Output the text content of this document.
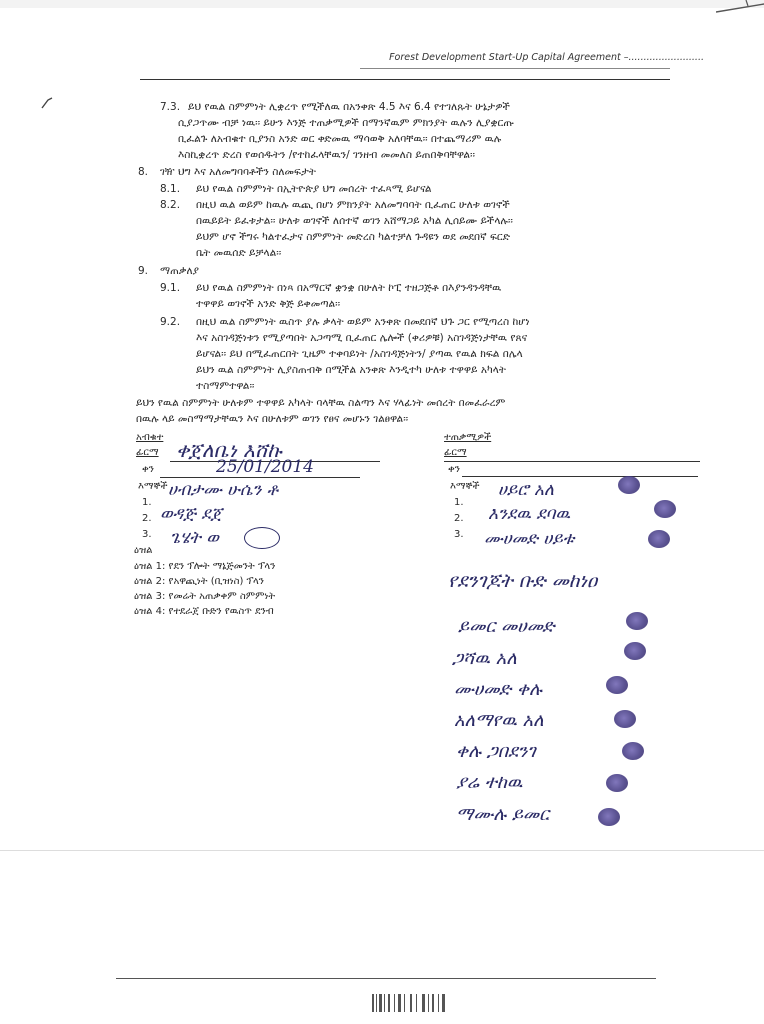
Forest Development Start-Up Capital Agreement –.........................
7.3. ይህ የዉል ስምምነት ሊቋረጥ የሚችለዉ በአንቀጽ 4.5 እና 6.4 የተገለጹት ሁኔታዎች
ሲያጋጥሙ ብቻ ነዉ፡፡ ይሁን እንጅ ተጠቃሚዎች በማንኛዉም ምክንያት ዉሉን ሊያቋርጡ
ቢፈልጉ ለአብቁተ ቢያንስ አንድ ወር ቀድመዉ ማሳወቅ አለባቸዉ፡፡ በተጨማሪም ዉሉ
እስኪቋረጥ ድረስ የወሰዱትን /የተከፈላቸዉን/ ገንዘብ መመለስ ይጠበቅባቸዋል፡፡
8. ገዥ ህግ እና አለመግባባቶችን ስለመፍታት
8.1. ይህ የዉል ስምምነት በኢትዮጵያ ህግ መሰረት ተፈጻሚ ይሆናል
8.2. በዚህ ዉል ወይም ከዉሉ ዉጪ በሆነ ምክንያት አለመግባባት ቢፈጠር ሁለቱ ወገኖች
በዉይይት ይፈቱታል፡፡ ሁለቱ ወገኖች ለሰተኛ ወገን አሸማጋይ አካል ሊሰይሙ ይችላሉ፡፡
ይህም ሆኖ ችግሩ ካልተፈታና ስምምነት መድረስ ካልተቻለ ጉዳዩን ወደ መደበኛ ፍርድ
ቤት መዉሰድ ይቻላል፡፡
9. ማጠቃለያ
9.1. ይህ የዉል ስምምነት በነጻ በአማርኛ ቋንቋ በሁለት ኮፒ ተዘጋጅቶ በእያንዳንዳቸዉ
ተዋዋይ ወገኖች አንድ ቅጅ ይቀመጣል፡፡
9.2. በዚህ ዉል ስምምነት ዉስጥ ያሉ ቃላት ወይም አንቀጽ በመደበኛ ህጉ ጋር የሚጣረስ ከሆነ
እና አስገዳጅነቱን የሚያጣበት አጋጣሚ ቢፈጠር ሌሎች (ቀሪዎቹ) አስገዳጅነታቸዉ የጸና
ይሆናል፡፡ ይህ በሚፈጠርበት ጊዜም ተቀባይነት /አስገዳጅነትን/ ያጣዉ የዉል ክፍል በሌላ
ይህን ዉል ስምምነት ሊያስጠብቅ በሚችል አንቀጽ እንዲተካ ሁለቱ ተዋዋይ አካላት
ተስማምተዋል፡፡
ይህን የዉል ስምምነት ሁለቱም ተዋዋይ አካላት ባላቸዉ ስልጣን እና ሃላፊነት መሰረት በመፈራረም
በዉሉ ላይ መስማማታቸዉን እና በሁለቱም ወገን የፀና መሆኑን ገልፀዋል፡፡
አብቁተ
ፊርማ ቀጀለቤነ እሸኩ
ቀን	25/01/2014
እማኞች
1.
2.
3.
ሀብታሙ ሁሴን ቶ
ወዳጅ ደጀ
ጌሄት ወ
ዕዝል
ዕዝል 1: የደን ፕሎት ማኔጅመንት ፕላን
ዕዝል 2: የአዋጪነት (ቢዝነስ) ፕላን
ዕዝል 3: የመሬት አጠቃቀም ስምምነት
ዕዝል 4: የተደራጀ ቡድን የዉስጥ ደንብ
ተጠቃሚዎች
ፊርማ
ቀን
እማኞች
1.
2.
3.
ሀይሮ አለ
እንደዉ ደባዉ
ሙሀመድ ሀይቱ
የደንገጆት ቡድ መከነዐ
ይመር መሀመድ
ጋሻዉ አለ
ሙሀመድ ቀሉ
አለማየዉ አለ
ቀሉ ጋበደንገ
ያሬ ተከዉ
ማሙሉ ይመር
